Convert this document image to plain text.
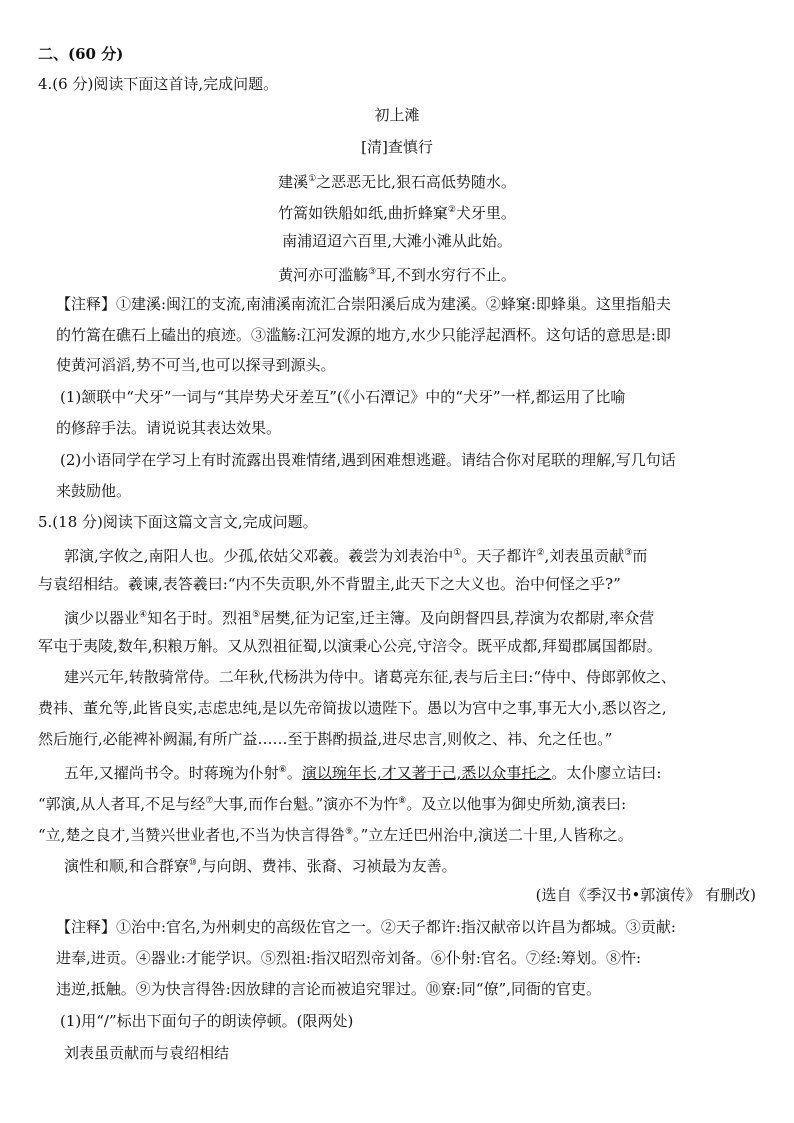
二、(60 分)
4.(6 分)阅读下面这首诗,完成问题。
初上滩
[清]查慎行
建溪①之恶恶无比,狠石高低势随水。
竹篙如铁船如纸,曲折蜂窠②犬牙里。
南浦迢迢六百里,大滩小滩从此始。
黄河亦可滥觞③耳,不到水穷行不止。
【注释】①建溪:闽江的支流,南浦溪南流汇合崇阳溪后成为建溪。②蜂窠:即蜂巢。这里指船夫
的竹篙在礁石上磕出的痕迹。③滥觞:江河发源的地方,水少只能浮起酒杯。这句话的意思是:即
使黄河滔滔,势不可当,也可以探寻到源头。
(1)颔联中“犬牙”一词与“其岸势犬牙差互”(《小石潭记》中的“犬牙”一样,都运用了比喻
的修辞手法。请说说其表达效果。
(2)小语同学在学习上有时流露出畏难情绪,遇到困难想逃避。请结合你对尾联的理解,写几句话
来鼓励他。
5.(18 分)阅读下面这篇文言文,完成问题。
郭演,字攸之,南阳人也。少孤,依姑父邓羲。羲尝为刘表治中①。天子都许②,刘表虽贡献③而
与袁绍相结。羲谏,表答羲曰:“内不失贡职,外不背盟主,此天下之大义也。治中何怪之乎?”
演少以器业④知名于时。烈祖⑤居樊,征为记室,迁主簿。及向朗督四县,荐演为农都尉,率众营
军屯于夷陵,数年,积粮万斛。又从烈祖征蜀,以演秉心公亮,守涪令。既平成都,拜蜀郡属国都尉。
建兴元年,转散骑常侍。二年秋,代杨洪为侍中。诸葛亮东征,表与后主曰:“侍中、侍郎郭攸之、
费祎、董允等,此皆良实,志虑忠纯,是以先帝简拔以遗陛下。愚以为宫中之事,事无大小,悉以咨之,
然后施行,必能裨补阙漏,有所广益……至于斟酌损益,进尽忠言,则攸之、祎、允之任也。”
五年,又擢尚书令。时蒋琬为仆射⑥。演以琬年长,才又著于己,悉以众事托之。太仆廖立诘曰:
“郭演,从人者耳,不足与经⑦大事,而作台魁。”演亦不为忤⑧。及立以他事为御史所劾,演表曰:
“立,楚之良才,当赞兴世业者也,不当为快言得咎⑨。”立左迁巴州治中,演送二十里,人皆称之。
演性和顺,和合群寮⑩,与向朗、费祎、张裔、习祯最为友善。
(选自《季汉书•郭演传》 有删改)
【注释】①治中:官名,为州刺史的高级佐官之一。②天子都许:指汉献帝以许昌为都城。③贡献:
进奉,进贡。④器业:才能学识。⑤烈祖:指汉昭烈帝刘备。⑥仆射:官名。⑦经:筹划。⑧忤:
违逆,抵触。⑨为快言得咎:因放肆的言论而被追究罪过。⑩寮:同“僚”,同衙的官吏。
(1)用“/”标出下面句子的朗读停顿。(限两处)
刘表虽贡献而与袁绍相结
